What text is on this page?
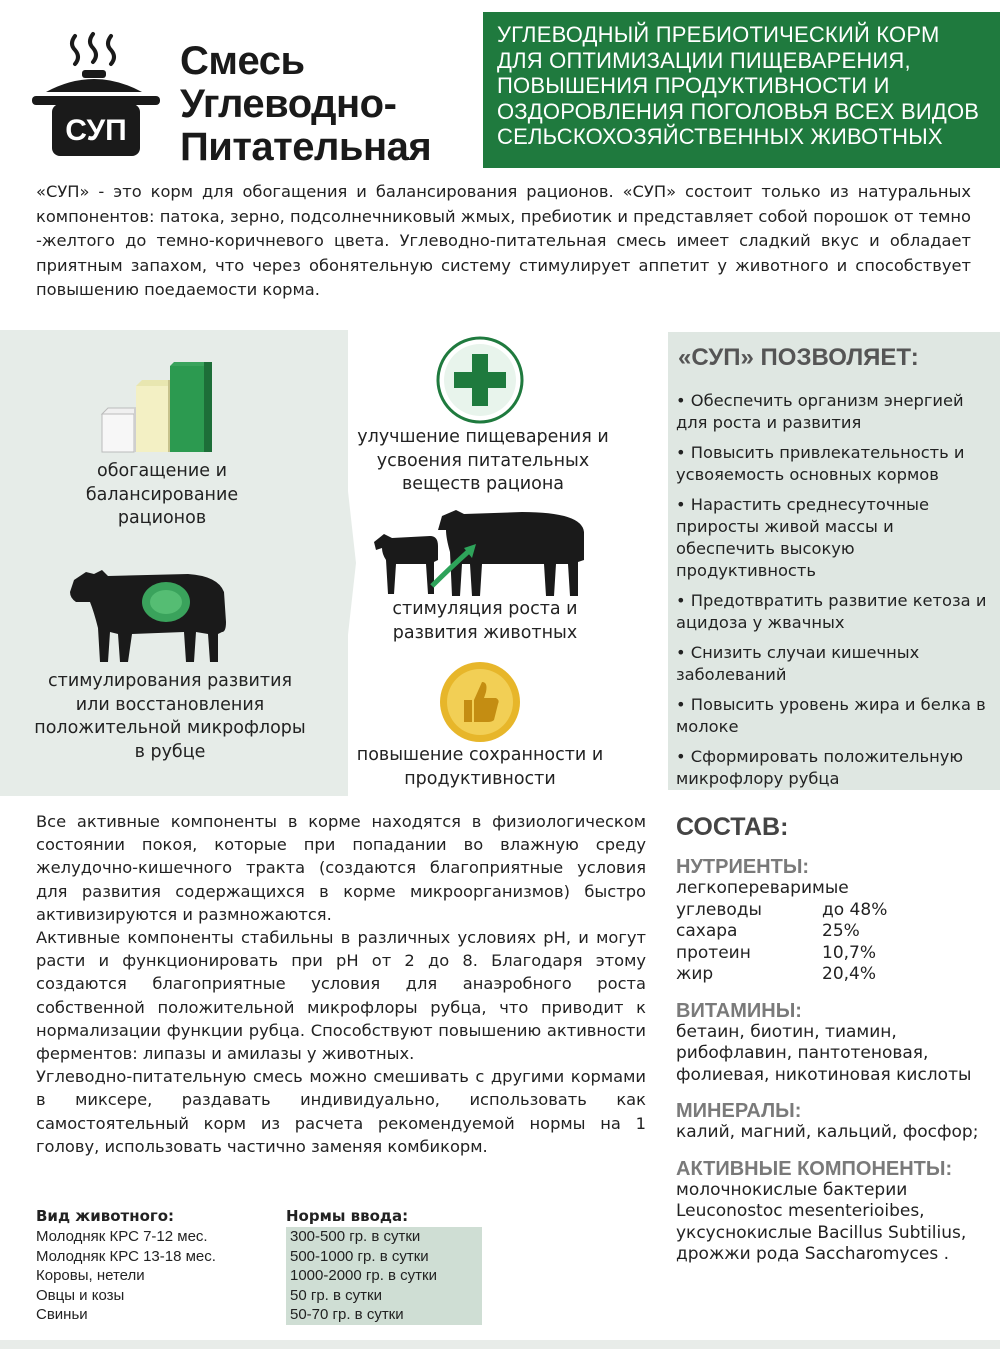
СУП
Смесь
Углеводно-
Питательная
УГЛЕВОДНЫЙ ПРЕБИОТИЧЕСКИЙ КОРМ ДЛЯ ОПТИМИЗАЦИИ ПИЩЕВАРЕНИЯ, ПОВЫШЕНИЯ ПРОДУКТИВНОСТИ И ОЗДОРОВЛЕНИЯ ПОГОЛОВЬЯ ВСЕХ ВИДОВ СЕЛЬСКОХОЗЯЙСТВЕННЫХ ЖИВОТНЫХ
«СУП» - это корм для обогащения и балансирования рационов. «СУП» состоит только из натуральных компонентов: патока, зерно, подсолнечниковый жмых, пребиотик и представляет собой порошок от темно -желтого до темно-коричневого цвета. Углеводно-питательная смесь имеет сладкий вкус и обладает приятным запахом, что через обонятельную систему стимулирует аппетит у животного и способствует повышению поедаемости корма.
обогащение и балансирование рационов
стимулирования развития или восстановления положительной микрофлоры в рубце
улучшение пищеварения и усвоения питательных веществ рациона
стимуляция роста и развития животных
повышение сохранности и продуктивности
«СУП» ПОЗВОЛЯЕТ:
• Обеспечить организм энергией для роста и развития
• Повысить привлекательность и усвояемость основных кормов
• Нарастить среднесуточные приросты живой массы и обеспечить высокую продуктивность
• Предотвратить развитие кетоза и ацидоза у жвачных
• Снизить случаи кишечных заболеваний
• Повысить уровень жира и белка в молоке
• Сформировать положительную микрофлору рубца

Все активные компоненты в корме находятся в физиологическом состоянии покоя, которые при попадании во влажную среду желудочно-кишечного тракта (создаются благоприятные условия для развития содержащихся в корме микроорганизмов) быстро активизируются и размножаются.

Активные компоненты стабильны в различных условиях pH, и могут расти и функционировать при pH от 2 до 8. Благодаря этому создаются благоприятные условия для анаэробного роста собственной положительной микрофлоры рубца, что приводит к нормализации функции рубца. Способствуют повышению активности ферментов: липазы и амилазы у животных.

Углеводно-питательную смесь можно смешивать с другими кормами в миксере, раздавать индивидуально, использовать как самостоятельный корм из расчета рекомендуемой нормы на 1 голову, использовать частично заменяя комбикорм.

Вид животного:	Нормы ввода:
Молодняк КРС 7-12 мес.	300-500 гр. в сутки
Молодняк КРС 13-18 мес.	500-1000 гр. в сутки
Коровы, нетели	1000-2000 гр. в сутки
Овцы и козы	50 гр. в сутки
Свиньи	50-70 гр. в сутки
СОСТАВ:
НУТРИЕНТЫ:
легкопереваримые
углеводы	до 48%
сахара	25%
протеин	10,7%
жир	20,4%
ВИТАМИНЫ:
бетаин, биотин, тиамин, рибофлавин, пантотеновая, фолиевая, никотиновая кислоты
МИНЕРАЛЫ:
калий, магний, кальций, фосфор;
АКТИВНЫЕ КОМПОНЕНТЫ:
молочнокислые бактерии Leuconostoc mesenterioibes, уксуснокислые Bacillus Subtilius, дрожжи рода Saccharomyces .
